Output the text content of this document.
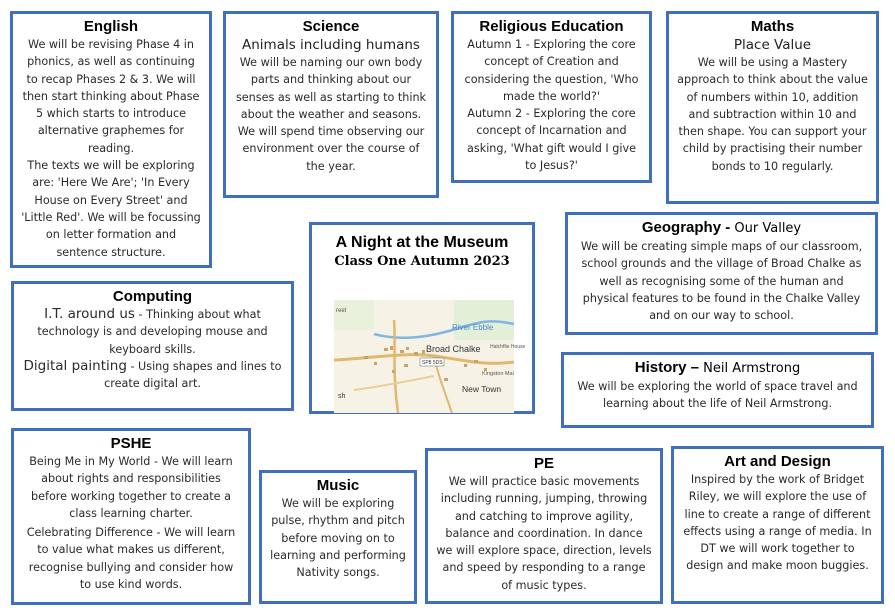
English
We will be revising Phase 4 in phonics, as well as continuing to recap Phases 2 & 3. We will then start thinking about Phase 5 which starts to introduce alternative graphemes for reading.
The texts we will be exploring are: 'Here We Are'; 'In Every House on Every Street' and 'Little Red'. We will be focussing on letter formation and sentence structure.
Science
Animals including humans
We will be naming our own body parts and thinking about our senses as well as starting to think about the weather and seasons. We will spend time observing our environment over the course of the year.
Religious Education
Autumn 1 - Exploring the core concept of Creation and considering the question, 'Who made the world?'
Autumn 2 - Exploring the core concept of Incarnation and asking, 'What gift would I give to Jesus?'
Maths
Place Value
We will be using a Mastery approach to think about the value of numbers within 10, addition and subtraction within 10 and then shape. You can support your child by practising their number bonds to 10 regularly.
A Night at the Museum
Class One Autumn 2023
River Ebble
Broad Chalke
New Town
Hatchflie House
Kingston Mai
SP8 5DS
sh
reet
Geography - Our Valley
We will be creating simple maps of our classroom, school grounds and the village of Broad Chalke as well as recognising some of the human and physical features to be found in the Chalke Valley and on our way to school.
Computing
I.T. around us - Thinking about what technology is and developing mouse and keyboard skills.
Digital painting - Using shapes and lines to create digital art.
History – Neil Armstrong
We will be exploring the world of space travel and learning about the life of Neil Armstrong.
PSHE
Being Me in My World - We will learn about rights and responsibilities before working together to create a class learning charter.
Celebrating Difference - We will learn to value what makes us different, recognise bullying and consider how to use kind words.
Music
We will be exploring pulse, rhythm and pitch before moving on to learning and performing Nativity songs.
PE
We will practice basic movements including running, jumping, throwing and catching to improve agility, balance and coordination. In dance we will explore space, direction, levels and speed by responding to a range of music types.
Art and Design
Inspired by the work of Bridget Riley, we will explore the use of line to create a range of different effects using a range of media. In DT we will work together to design and make moon buggies.
